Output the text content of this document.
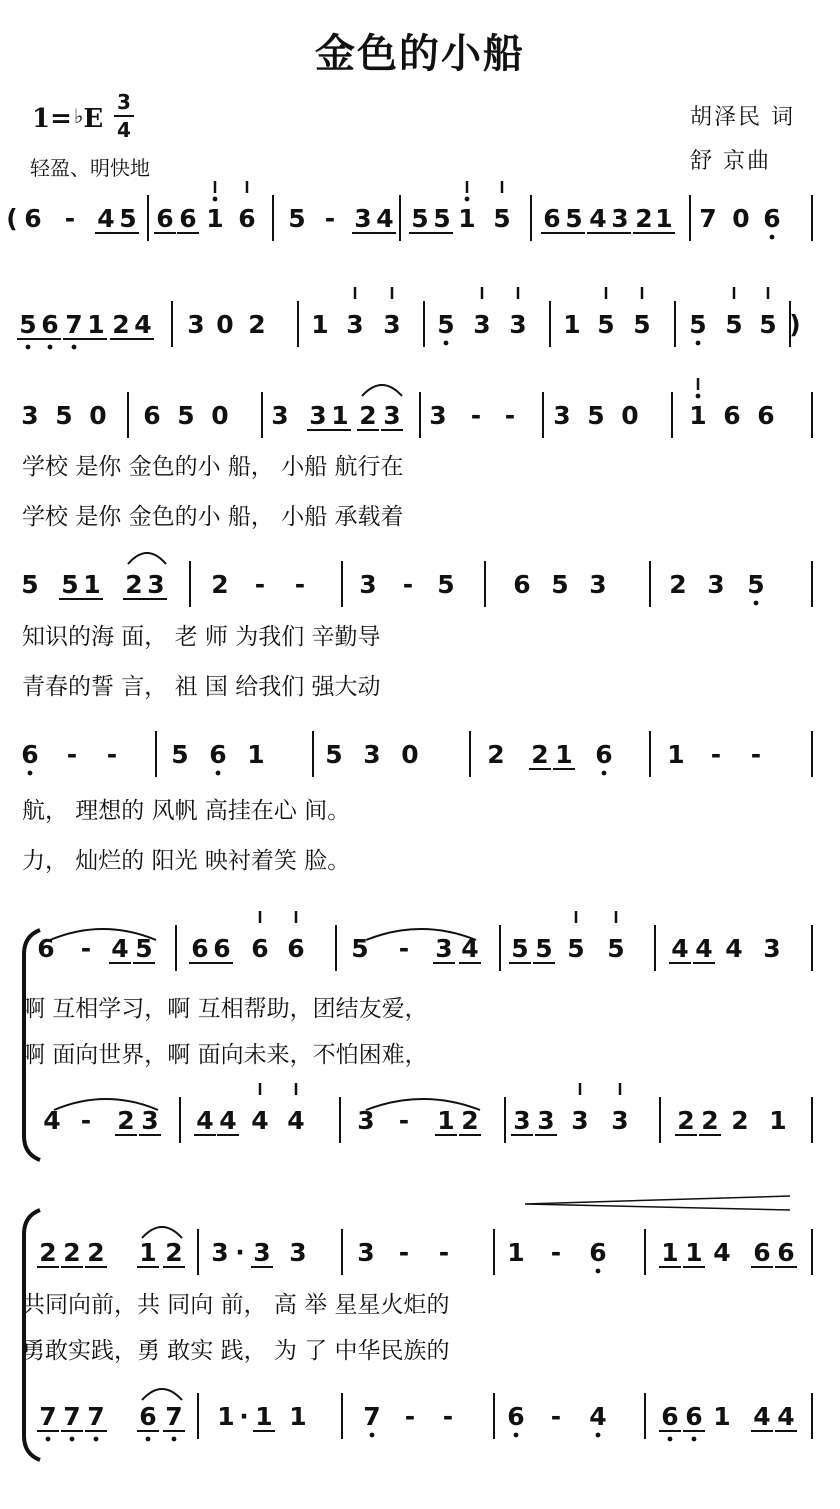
金色的小船
1= ♭E
3
4
轻盈、明快地
胡泽民 词
舒 京曲
( 6 - 4 5 6 6 1 6 5 - 3 4 5 5 1 5 6 5 4 3 2 1 7 0 6
5 6 7 1 2 4 3 0 2 1 3 3 5 3 3 1 5 5 5 5 5 )
3 5 0 6 5 0 3 3 1 2 3 3 - - 3 5 0 1 6 6
5 5 1 2 3 2 - - 3 - 5 6 5 3	2 3 5
6 - - 5 6 1 5 3 0	2 2 1 6 1 - -
6 - 4 5 6 6 6 6 5 - 3 4 5 5 5 5 4 4 4 3
4 - 2 3 4 4 4 4 3 - 1 2 3 3 3 3 2 2 2 1
2 2 2 1 2 3 · 3 3 3 - - 1 - 6 1 1 4 6 6
7 7 7 6 7 1 · 1 1 7 - - 6 - 4 6 6 1 4 4
学校 是你 金色的小 船， 小船 航行在
学校 是你 金色的小 船， 小船 承载着
知识的海 面， 老 师 为我们 辛勤导
青春的誓 言， 祖 国 给我们 强大动
航， 理想的 风帆 高挂在心 间。
力， 灿烂的 阳光 映衬着笑 脸。
啊 互相学习，啊 互相帮助，团结友爱，
啊 面向世界，啊 面向未来，不怕困难，
共同向前，共 同向 前， 高 举 星星火炬的
勇敢实践，勇 敢实 践， 为 了 中华民族的
